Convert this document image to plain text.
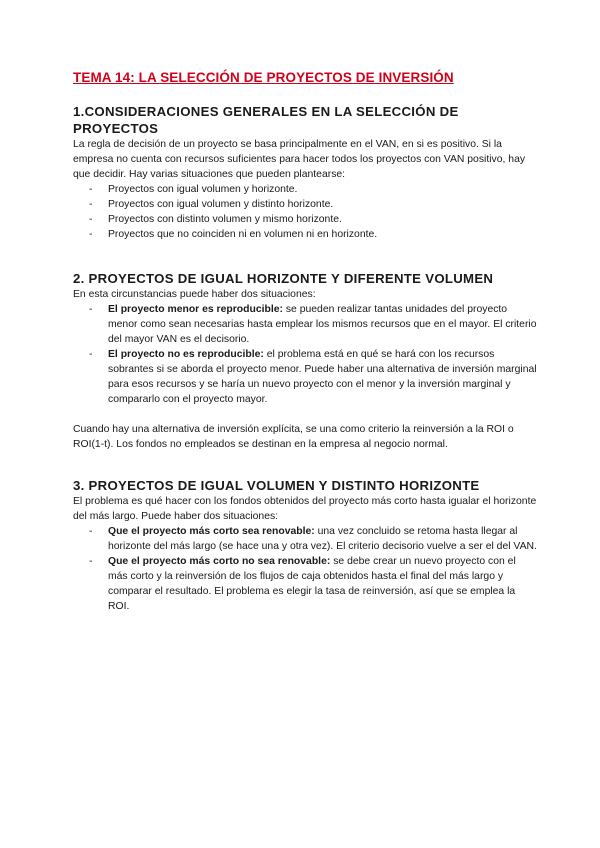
TEMA 14: LA SELECCIÓN DE PROYECTOS DE INVERSIÓN
1.CONSIDERACIONES GENERALES EN LA SELECCIÓN DE PROYECTOS

La regla de decisión de un proyecto se basa principalmente en el VAN, en si es positivo. Si la empresa no cuenta con recursos suficientes para hacer todos los proyectos con VAN positivo, hay que decidir. Hay varias situaciones que pueden plantearse:

- Proyectos con igual volumen y horizonte.
- Proyectos con igual volumen y distinto horizonte.
- Proyectos con distinto volumen y mismo horizonte.
- Proyectos que no coinciden ni en volumen ni en horizonte.
2. PROYECTOS DE IGUAL HORIZONTE Y DIFERENTE VOLUMEN

En esta circunstancias puede haber dos situaciones:

- El proyecto menor es reproducible: se pueden realizar tantas unidades del proyecto menor como sean necesarias hasta emplear los mismos recursos que en el mayor. El criterio del mayor VAN es el decisorio.
- El proyecto no es reproducible: el problema está en qué se hará con los recursos sobrantes si se aborda el proyecto menor. Puede haber una alternativa de inversión marginal para esos recursos y se haría un nuevo proyecto con el menor y la inversión marginal y compararlo con el proyecto mayor.

Cuando hay una alternativa de inversión explícita, se una como criterio la reinversión a la ROI o ROI(1-t). Los fondos no empleados se destinan en la empresa al negocio normal.

3. PROYECTOS DE IGUAL VOLUMEN Y DISTINTO HORIZONTE

El problema es qué hacer con los fondos obtenidos del proyecto más corto hasta igualar el horizonte del más largo. Puede haber dos situaciones:

- Que el proyecto más corto sea renovable: una vez concluido se retoma hasta llegar al horizonte del más largo (se hace una y otra vez). El criterio decisorio vuelve a ser el del VAN.
- Que el proyecto más corto no sea renovable: se debe crear un nuevo proyecto con el más corto y la reinversión de los flujos de caja obtenidos hasta el final del más largo y comparar el resultado. El problema es elegir la tasa de reinversión, así que se emplea la ROI.
